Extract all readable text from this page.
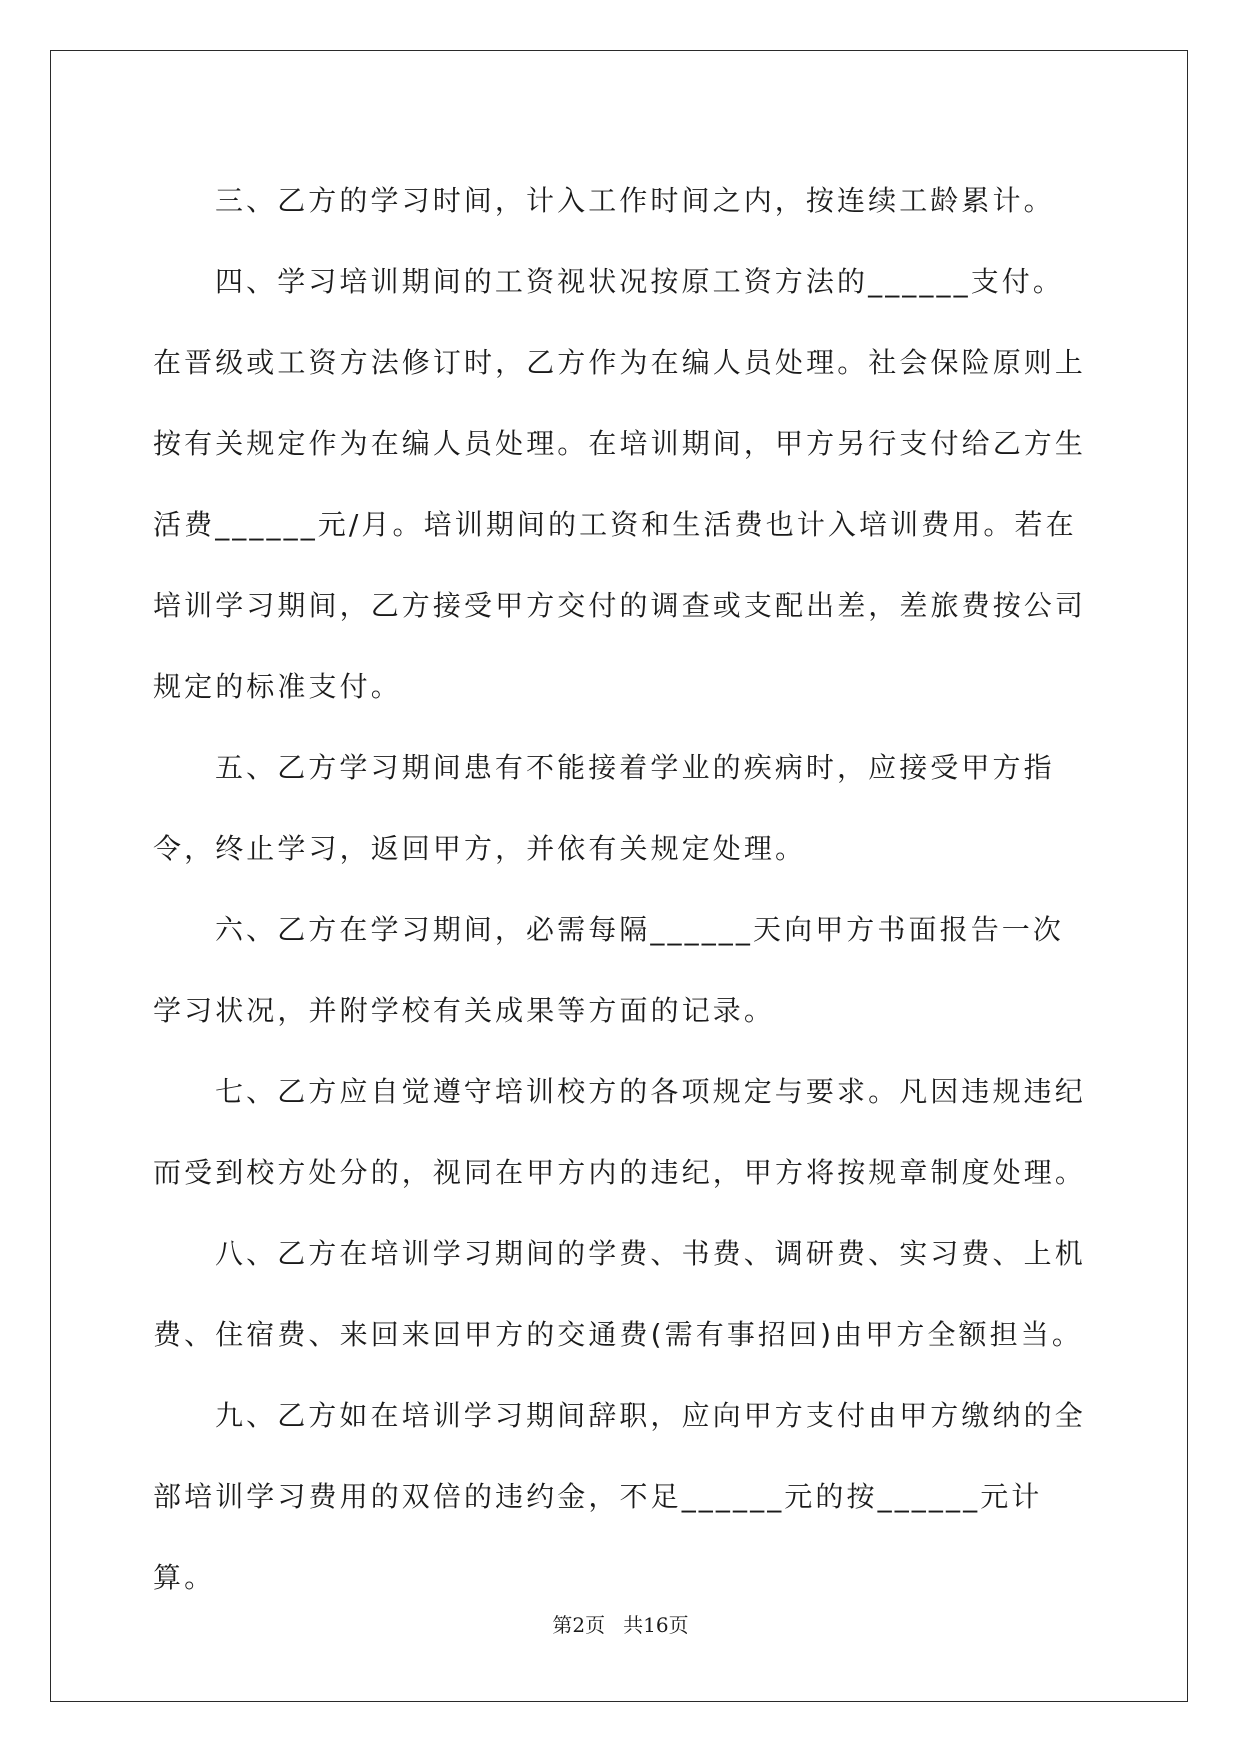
三、乙方的学习时间，计入工作时间之内，按连续工龄累计。

四、学习培训期间的工资视状况按原工资方法的______支付。在晋级或工资方法修订时，乙方作为在编人员处理。社会保险原则上按有关规定作为在编人员处理。在培训期间，甲方另行支付给乙方生活费______元/月。培训期间的工资和生活费也计入培训费用。若在培训学习期间，乙方接受甲方交付的调查或支配出差，差旅费按公司规定的标准支付。

五、乙方学习期间患有不能接着学业的疾病时，应接受甲方指令，终止学习，返回甲方，并依有关规定处理。

六、乙方在学习期间，必需每隔______天向甲方书面报告一次学习状况，并附学校有关成果等方面的记录。

七、乙方应自觉遵守培训校方的各项规定与要求。凡因违规违纪而受到校方处分的，视同在甲方内的违纪，甲方将按规章制度处理。

八、乙方在培训学习期间的学费、书费、调研费、实习费、上机费、住宿费、来回来回甲方的交通费(需有事招回)由甲方全额担当。

九、乙方如在培训学习期间辞职，应向甲方支付由甲方缴纳的全部培训学习费用的双倍的违约金，不足______元的按______元计算。

第2页 共16页
